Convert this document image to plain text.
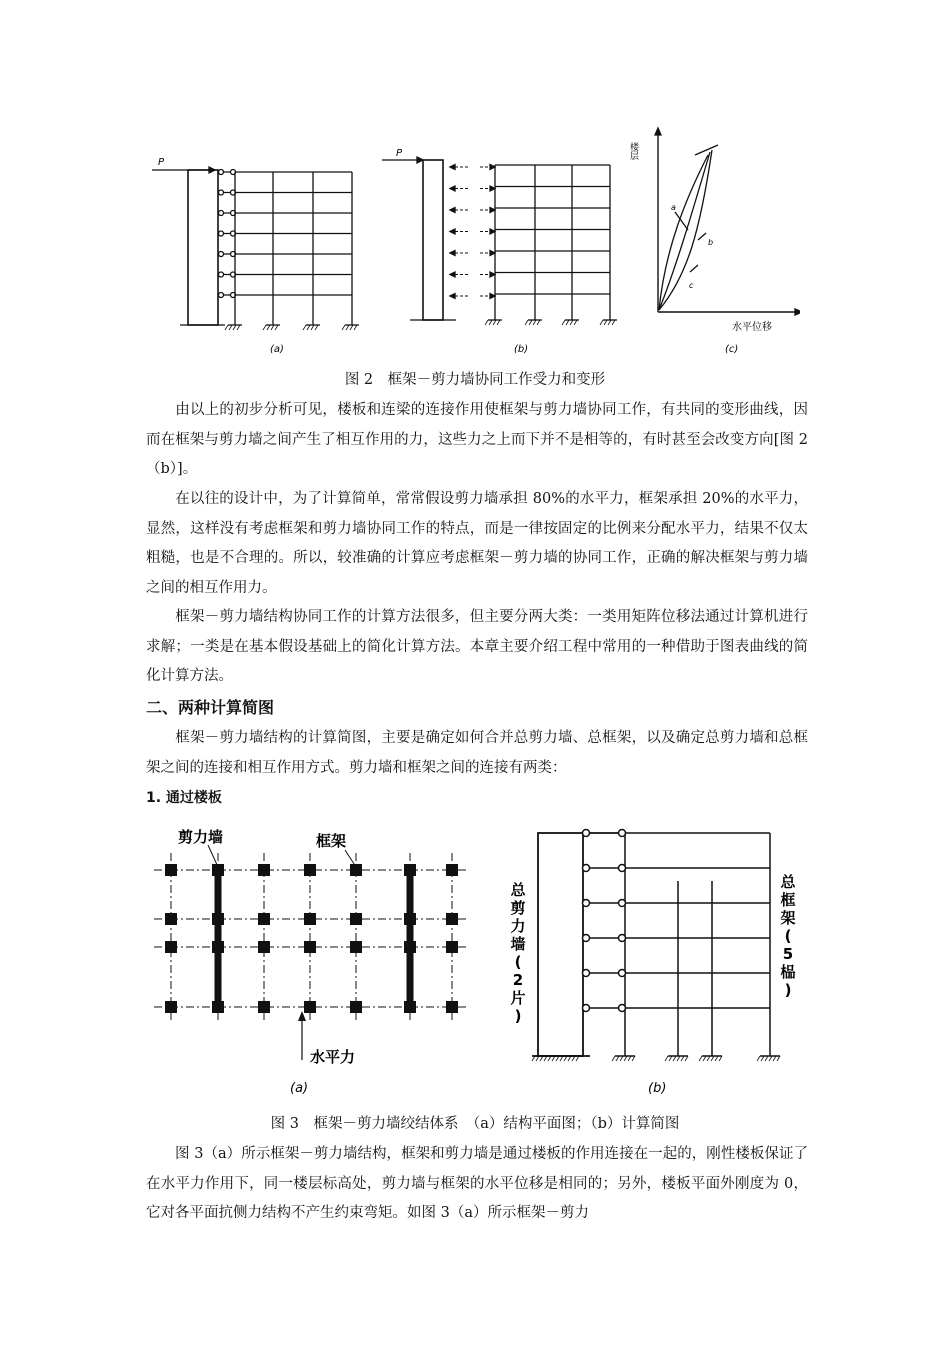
P
(a)
P
(b)
楼层
水平位移
a
b
c
(c)
图 2　框架－剪力墙协同工作受力和变形

由以上的初步分析可见，楼板和连梁的连接作用使框架与剪力墙协同工作，有共同的变形曲线，因而在框架与剪力墙之间产生了相互作用的力，这些力之上而下并不是相等的，有时甚至会改变方向[图 2（b）]。

在以往的设计中，为了计算简单，常常假设剪力墙承担 80%的水平力，框架承担 20%的水平力，显然，这样没有考虑框架和剪力墙协同工作的特点，而是一律按固定的比例来分配水平力，结果不仅太粗糙，也是不合理的。所以，较准确的计算应考虑框架－剪力墙的协同工作，正确的解决框架与剪力墙之间的相互作用力。

框架－剪力墙结构协同工作的计算方法很多，但主要分两大类：一类用矩阵位移法通过计算机进行求解；一类是在基本假设基础上的简化计算方法。本章主要介绍工程中常用的一种借助于图表曲线的简化计算方法。

二、两种计算简图

框架－剪力墙结构的计算简图，主要是确定如何合并总剪力墙、总框架，以及确定总剪力墙和总框架之间的连接和相互作用方式。剪力墙和框架之间的连接有两类：

1. 通过楼板
剪力墙	框架
水平力
(a)
总
剪
力
墙
(
2
片
)
总
框
架
(
5
榀
)
(b)
图 3　框架－剪力墙绞结体系　（a）结构平面图；（b）计算简图

图 3（a）所示框架－剪力墙结构，框架和剪力墙是通过楼板的作用连接在一起的，刚性楼板保证了在水平力作用下，同一楼层标高处，剪力墙与框架的水平位移是相同的；另外，楼板平面外刚度为 0，它对各平面抗侧力结构不产生约束弯矩。如图 3（a）所示框架－剪力
